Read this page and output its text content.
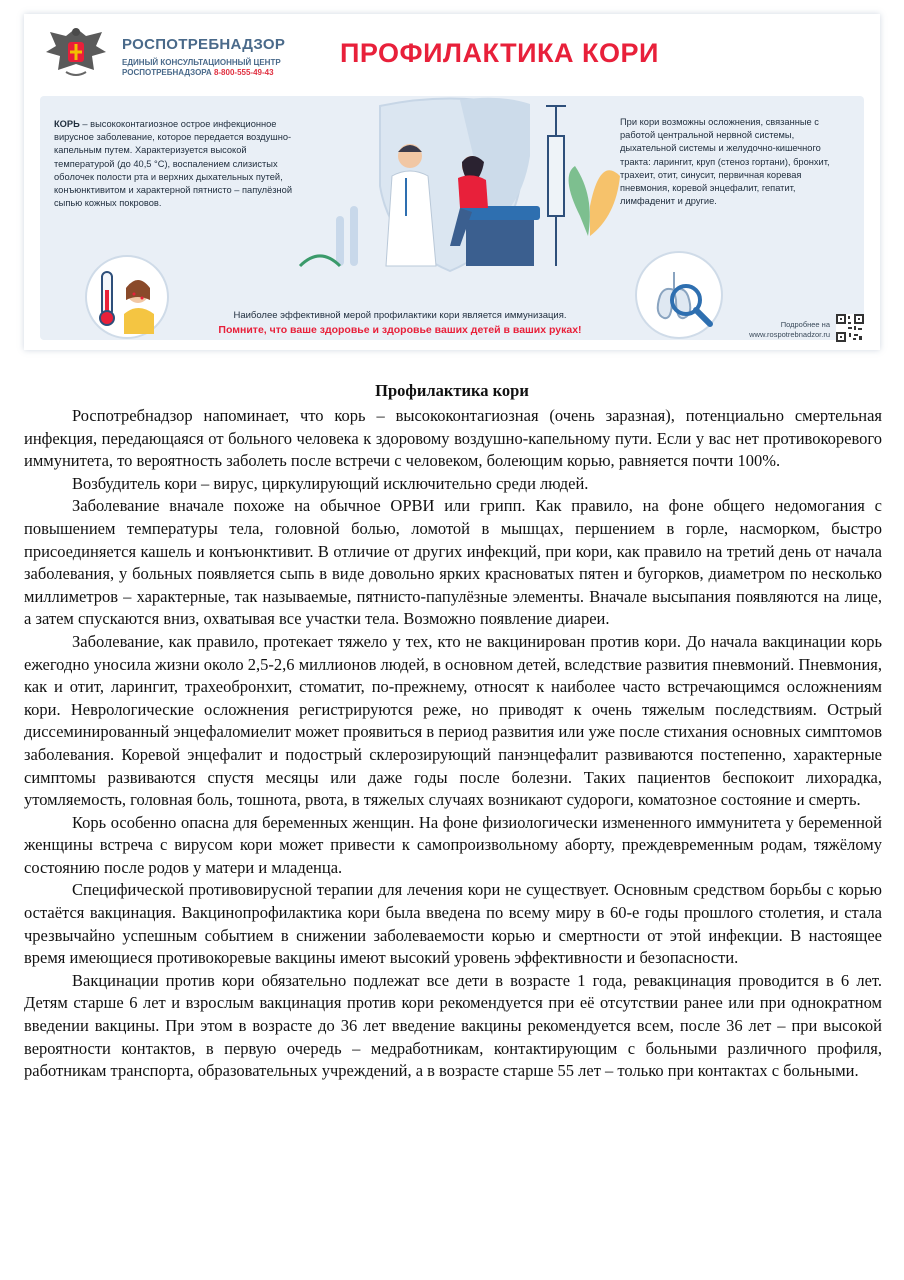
РОСПОТРЕБНАДЗОР
ЕДИНЫЙ КОНСУЛЬТАЦИОННЫЙ ЦЕНТР
РОСПОТРЕБНАДЗОРА 8-800-555-49-43
ПРОФИЛАКТИКА КОРИ
КОРЬ – высококонтагиозное острое инфекционное вирусное заболевание, которое передается воздушно-капельным путем. Характеризуется высокой температурой (до 40,5 °С), воспалением слизистых оболочек полости рта и верхних дыхательных путей, конъюнктивитом и характерной пятнисто – папулёзной сыпью кожных покровов.
При кори возможны осложнения, связанные с работой центральной нервной системы, дыхательной системы и желудочно-кишечного тракта: ларингит, круп (стеноз гортани), бронхит, трахеит, отит, синусит, первичная коревая пневмония, коревой энцефалит, гепатит, лимфаденит и другие.
Наиболее эффективной мерой профилактики кори является иммунизация.
Помните, что ваше здоровье и здоровье ваших детей в ваших руках!	Подробнее на
www.rospotrebnadzor.ru
Профилактика кори

Роспотребнадзор напоминает, что корь – высококонтагиозная (очень заразная), потенциально смертельная инфекция, передающаяся от больного человека к здоровому воздушно-капельному пути. Если у вас нет противокоревого иммунитета, то вероятность заболеть после встречи с человеком, болеющим корью, равняется почти 100%.

Возбудитель кори – вирус, циркулирующий исключительно среди людей.

Заболевание вначале похоже на обычное ОРВИ или грипп. Как правило, на фоне общего недомогания с повышением температуры тела, головной болью, ломотой в мышцах, першением в горле, насморком, быстро присоединяется кашель и конъюнктивит. В отличие от других инфекций, при кори, как правило на третий день от начала заболевания, у больных появляется сыпь в виде довольно ярких красноватых пятен и бугорков, диаметром по несколько миллиметров – характерные, так называемые, пятнисто-папулёзные элементы. Вначале высыпания появляются на лице, а затем спускаются вниз, охватывая все участки тела. Возможно появление диареи.

Заболевание, как правило, протекает тяжело у тех, кто не вакцинирован против кори. До начала вакцинации корь ежегодно уносила жизни около 2,5-2,6 миллионов людей, в основном детей, вследствие развития пневмоний. Пневмония, как и отит, ларингит, трахеобронхит, стоматит, по-прежнему, относят к наиболее часто встречающимся осложнениям кори. Неврологические осложнения регистрируются реже, но приводят к очень тяжелым последствиям. Острый диссеминированный энцефаломиелит может проявиться в период развития или уже после стихания основных симптомов заболевания. Коревой энцефалит и подострый склерозирующий панэнцефалит развиваются постепенно, характерные симптомы развиваются спустя месяцы или даже годы после болезни. Таких пациентов беспокоит лихорадка, утомляемость, головная боль, тошнота, рвота, в тяжелых случаях возникают судороги, коматозное состояние и смерть.

Корь особенно опасна для беременных женщин. На фоне физиологически измененного иммунитета у беременной женщины встреча с вирусом кори может привести к самопроизвольному аборту, преждевременным родам, тяжёлому состоянию после родов у матери и младенца.

Специфической противовирусной терапии для лечения кори не существует. Основным средством борьбы с корью остаётся вакцинация. Вакцинопрофилактика кори была введена по всему миру в 60-е годы прошлого столетия, и стала чрезвычайно успешным событием в снижении заболеваемости корью и смертности от этой инфекции. В настоящее время имеющиеся противокоревые вакцины имеют высокий уровень эффективности и безопасности.

Вакцинации против кори обязательно подлежат все дети в возрасте 1 года, ревакцинация проводится в 6 лет. Детям старше 6 лет и взрослым вакцинация против кори рекомендуется при её отсутствии ранее или при однократном введении вакцины. При этом в возрасте до 36 лет введение вакцины рекомендуется всем, после 36 лет – при высокой вероятности контактов, в первую очередь – медработникам, контактирующим с больными различного профиля, работникам транспорта, образовательных учреждений, а в возрасте старше 55 лет – только при контактах с больными.
